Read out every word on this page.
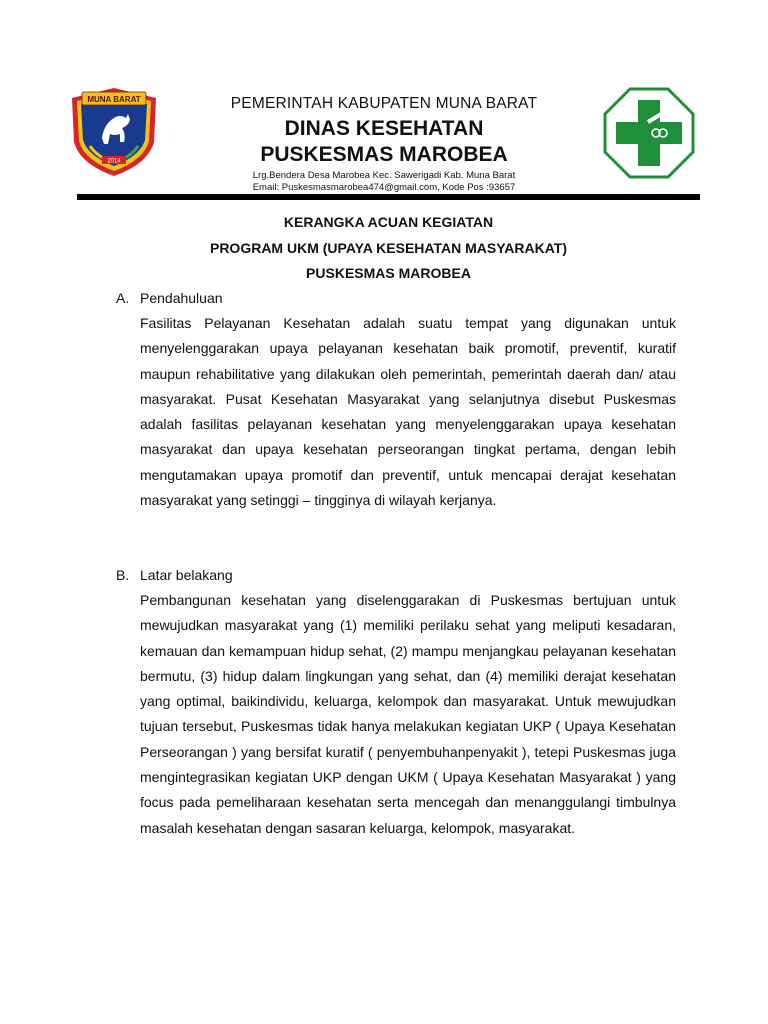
MUNA BARAT
2014
PEMERINTAH KABUPATEN MUNA BARAT
DINAS KESEHATAN
PUSKESMAS MAROBEA
Lrg.Bendera Desa Marobea Kec. Sawerigadi Kab. Muna Barat
Email: Puskesmasmarobea474@gmail.com, Kode Pos :93657
KERANGKA ACUAN KEGIATAN
PROGRAM UKM (UPAYA KESEHATAN MASYARAKAT)
PUSKESMAS MAROBEA
A. Pendahuluan
Fasilitas Pelayanan Kesehatan adalah suatu tempat yang digunakan untuk menyelenggarakan upaya pelayanan kesehatan baik promotif, preventif, kuratif maupun rehabilitative yang dilakukan oleh pemerintah, pemerintah daerah dan/ atau masyarakat. Pusat Kesehatan Masyarakat yang selanjutnya disebut Puskesmas adalah fasilitas pelayanan kesehatan yang menyelenggarakan upaya kesehatan masyarakat dan upaya kesehatan perseorangan tingkat pertama, dengan lebih mengutamakan upaya promotif dan preventif, untuk mencapai derajat kesehatan masyarakat yang setinggi – tingginya di wilayah kerjanya.
B. Latar belakang
Pembangunan kesehatan yang diselenggarakan di Puskesmas bertujuan untuk mewujudkan masyarakat yang (1) memiliki perilaku sehat yang meliputi kesadaran, kemauan dan kemampuan hidup sehat, (2) mampu menjangkau pelayanan kesehatan bermutu, (3) hidup dalam lingkungan yang sehat, dan (4) memiliki derajat kesehatan yang optimal, baikindividu, keluarga, kelompok dan masyarakat. Untuk mewujudkan tujuan tersebut, Puskesmas tidak hanya melakukan kegiatan UKP ( Upaya Kesehatan Perseorangan ) yang bersifat kuratif ( penyembuhanpenyakit ), tetepi Puskesmas juga mengintegrasikan kegiatan UKP dengan UKM ( Upaya Kesehatan Masyarakat ) yang focus pada pemeliharaan kesehatan serta mencegah dan menanggulangi timbulnya masalah kesehatan dengan sasaran keluarga, kelompok, masyarakat.
